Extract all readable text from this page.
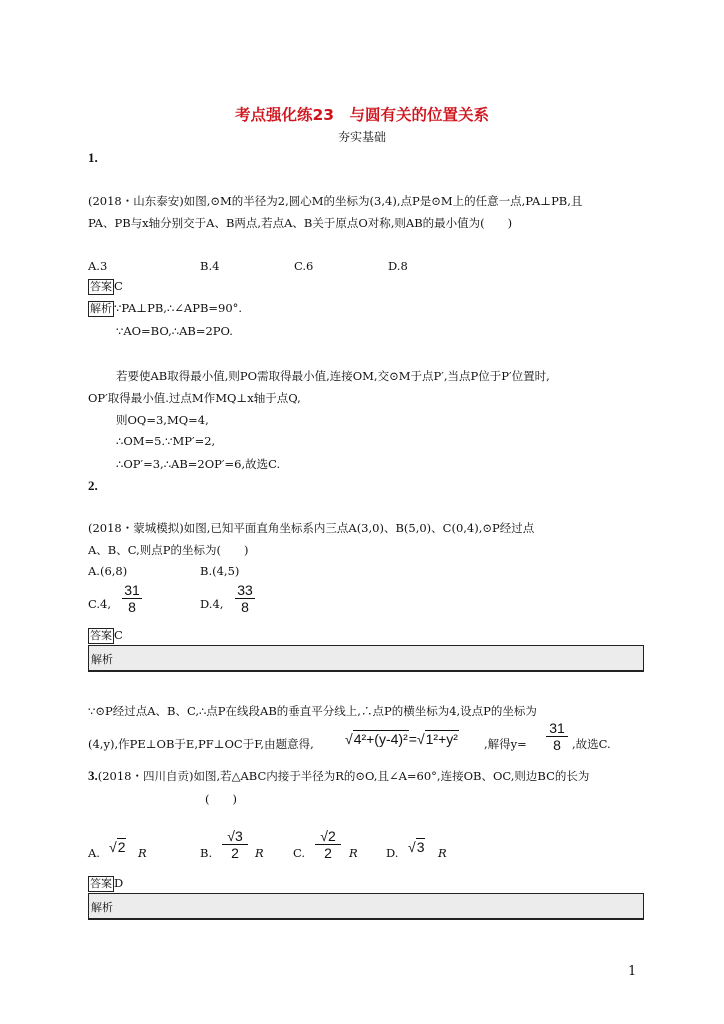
考点强化练23　与圆有关的位置关系
夯实基础
1.
(2018・山东泰安)如图,⊙M的半径为2,圆心M的坐标为(3,4),点P是⊙M上的任意一点,PA⊥PB,且
PA、PB与x轴分别交于A、B两点,若点A、B关于原点O对称,则AB的最小值为(　　)
A.3	B.4	C.6	D.8
答案 C
解析 ∵PA⊥PB,∴∠APB=90°.
∵AO=BO,∴AB=2PO.
若要使AB取得最小值,则PO需取得最小值,连接OM,交⊙M于点P′,当点P位于P′位置时,
OP′取得最小值.过点M作MQ⊥x轴于点Q,
则OQ=3,MQ=4,
∴OM=5.∵MP′=2,
∴OP′=3,∴AB=2OP′=6,故选C.
2.
(2018・蒙城模拟)如图,已知平面直角坐标系内三点A(3,0)、B(5,0)、C(0,4),⊙P经过点
A、B、C,则点P的坐标为(　　)
A.(6,8)	B.(4,5)
C.4, $\frac{31}{8}$	D.4, $\frac{33}{8}$
答案 C
解析
∵⊙P经过点A、B、C,∴点P在线段AB的垂直平分线上,∴点P的横坐标为4,设点P的坐标为
(4,y),作PE⊥OB于E,PF⊥OC于F,由题意得, √4²+(y-4)²=√1²+y² ,解得$y= \frac{31}{8}$ ,故选C.
3.(2018・四川自贡)如图,若△ABC内接于半径为R的⊙O,且∠A=60°,连接OB、OC,则边BC的长为
(　　)
A. √2 R	B. $\frac{√3}{2}$ R	C. $\frac{√2}{2}$ R D. √3 R
答案 D
解析
1
